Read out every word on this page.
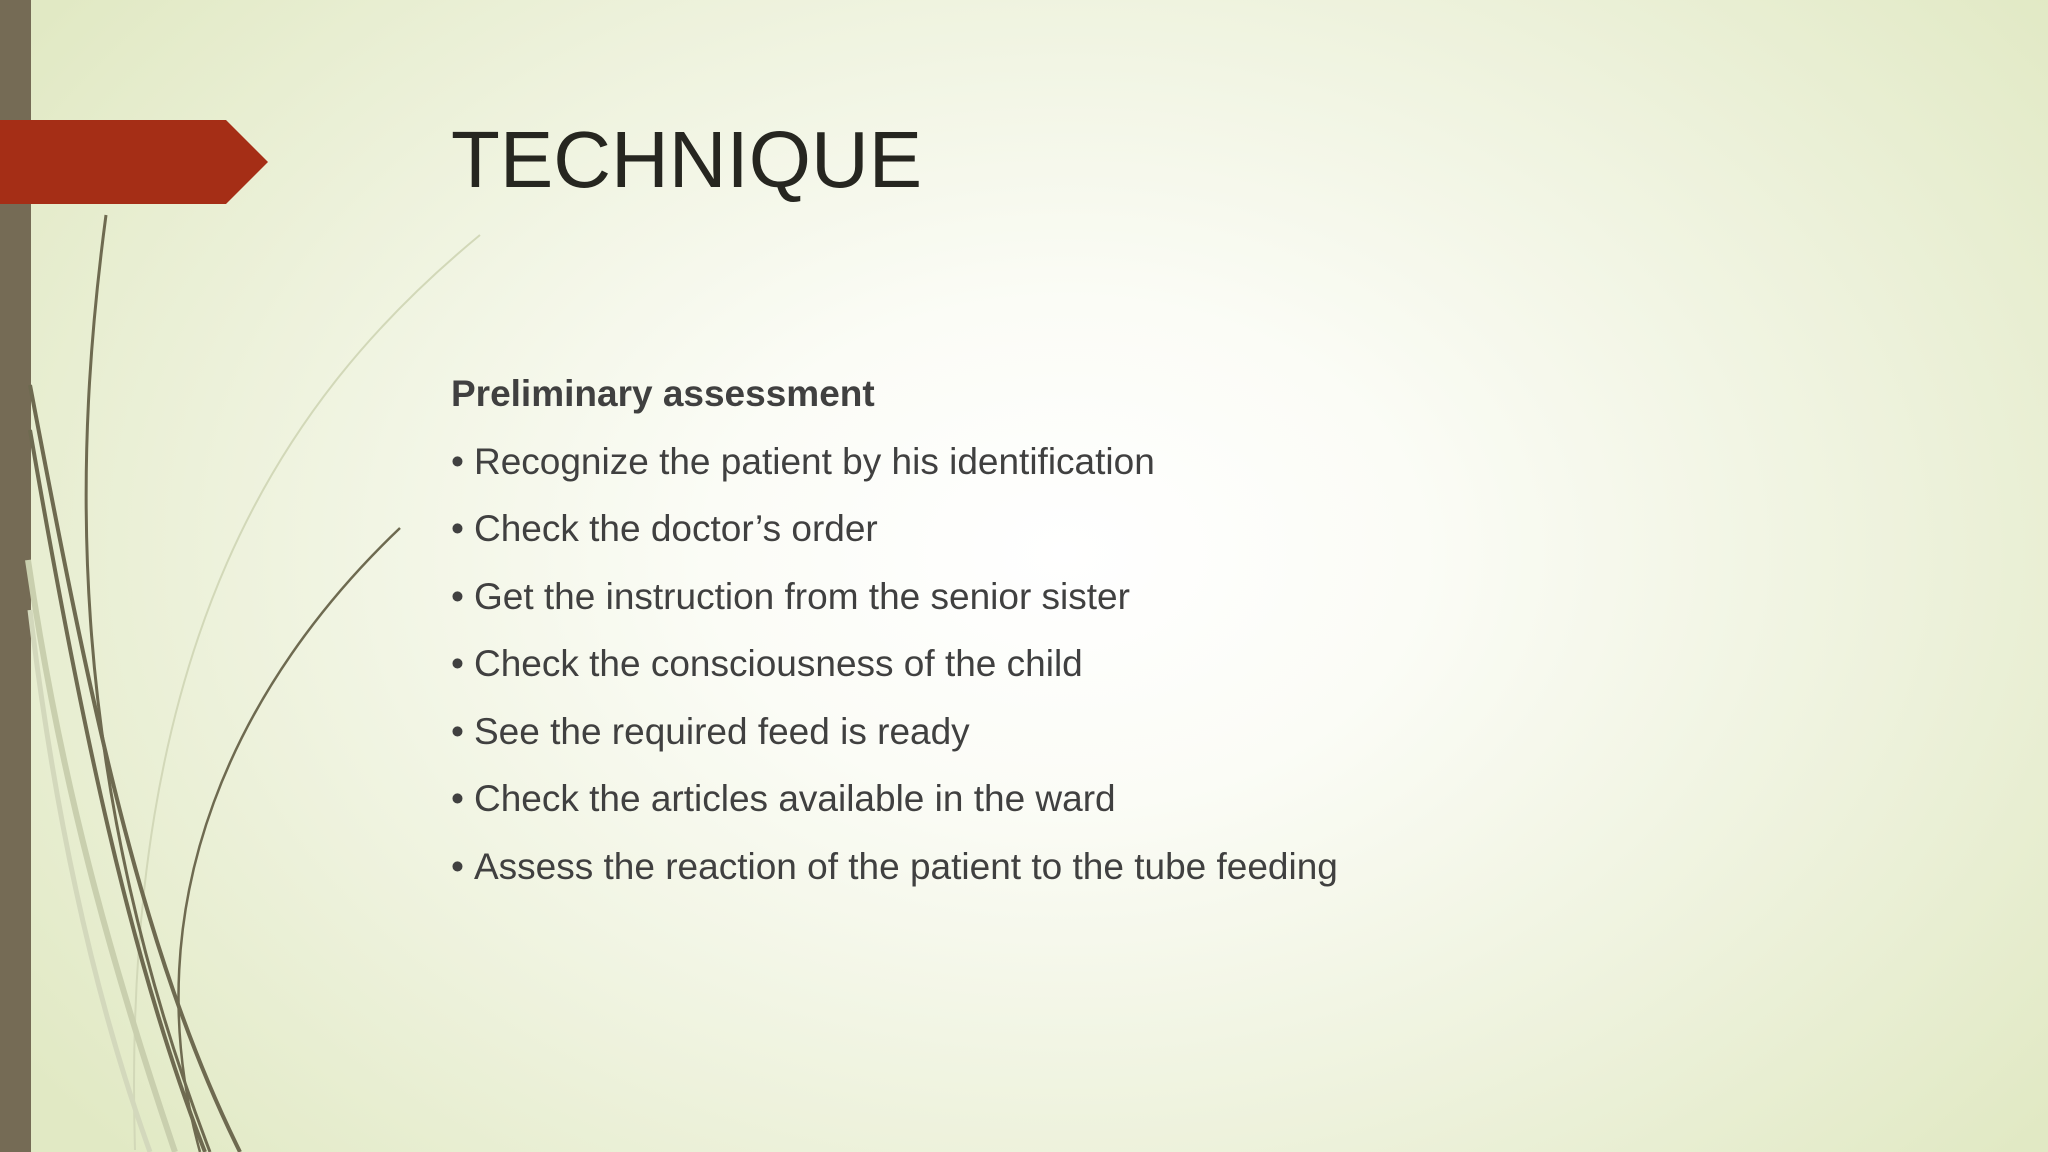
TECHNIQUE
Preliminary assessment
• Recognize the patient by his identification
• Check the doctor’s order
• Get the instruction from the senior sister
• Check the consciousness of the child
• See the required feed is ready
• Check the articles available in the ward
• Assess the reaction of the patient to the tube feeding
